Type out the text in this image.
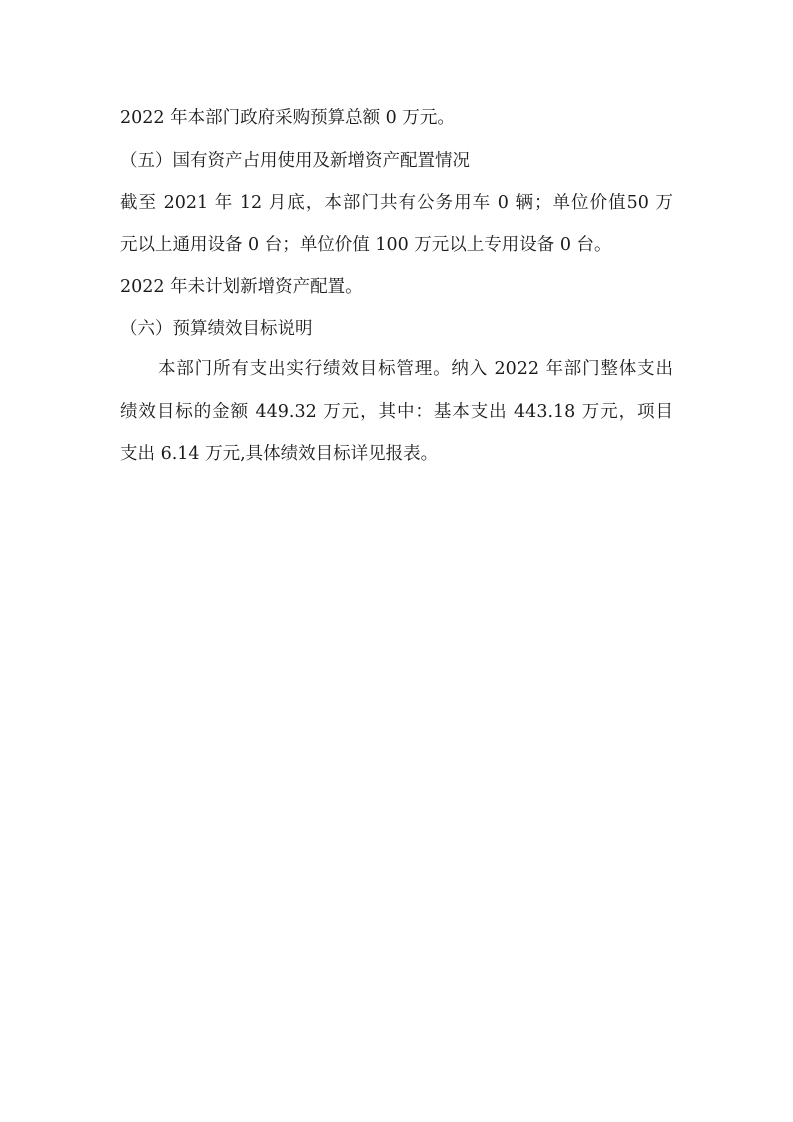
2022 年本部门政府采购预算总额 0 万元。
（五）国有资产占用使用及新增资产配置情况
截至 2021 年 12 月底，本部门共有公务用车 0 辆；单位价值50 万
元以上通用设备 0 台；单位价值 100 万元以上专用设备 0 台。
2022 年未计划新增资产配置。
（六）预算绩效目标说明
本部门所有支出实行绩效目标管理。纳入 2022 年部门整体支出
绩效目标的金额 449.32 万元，其中：基本支出 443.18 万元，项目
支出 6.14 万元,具体绩效目标详见报表。
